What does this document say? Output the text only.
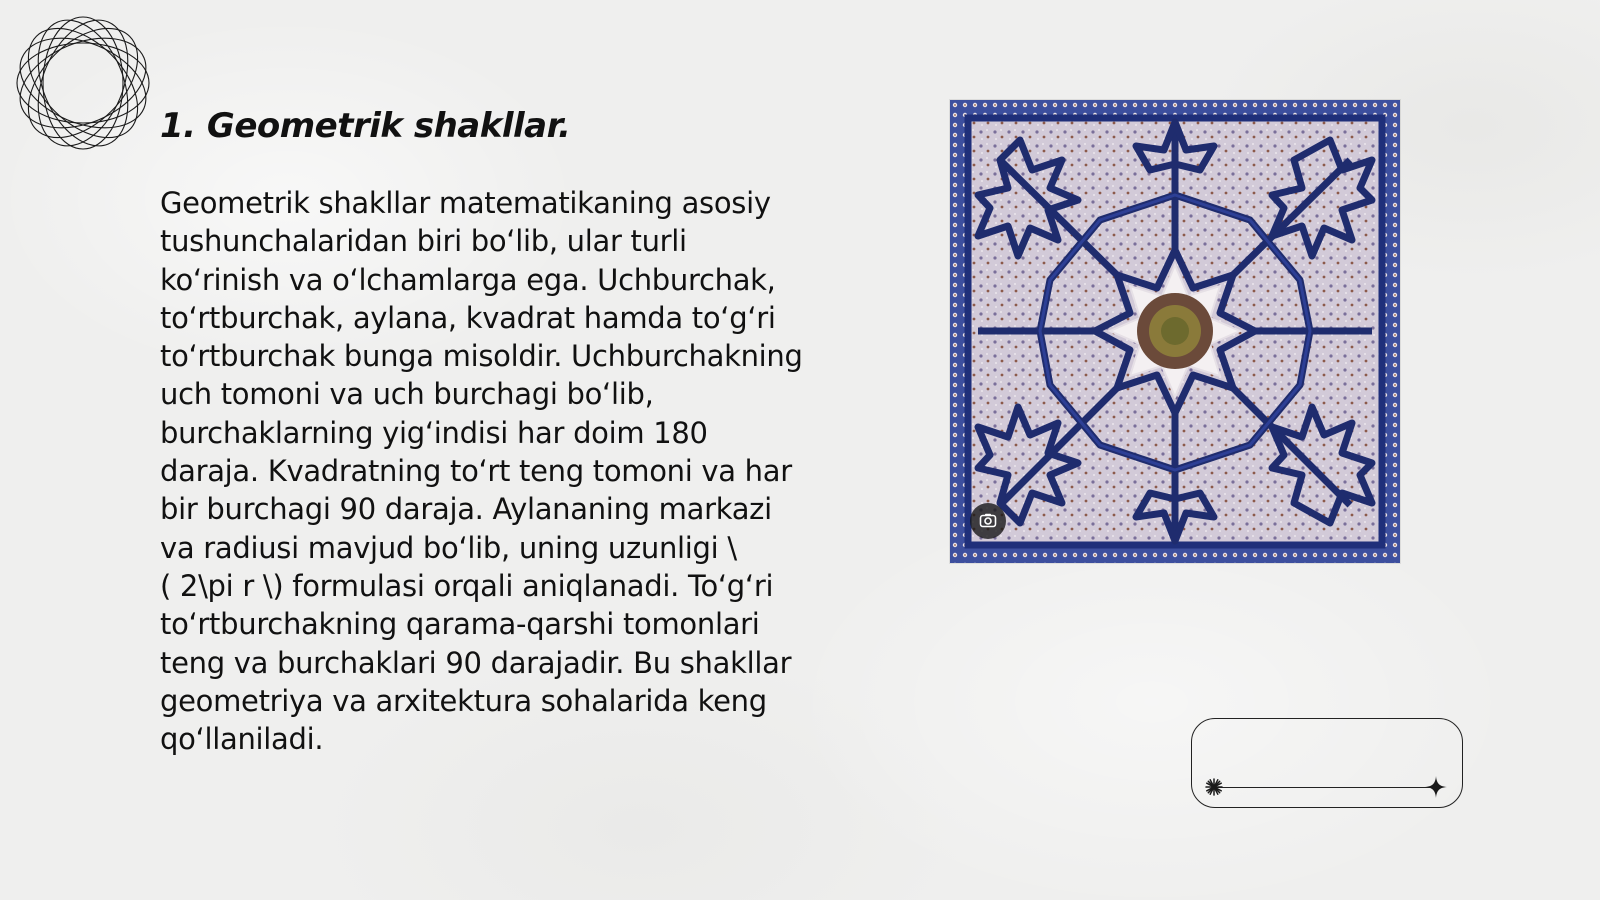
1. Geometrik shakllar.

Geometrik shakllar matematikaning asosiy
tushunchalaridan biri bo‘lib, ular turli
ko‘rinish va o‘lchamlarga ega. Uchburchak,
to‘rtburchak, aylana, kvadrat hamda to‘g‘ri
to‘rtburchak bunga misoldir. Uchburchakning
uch tomoni va uch burchagi bo‘lib,
burchaklarning yig‘indisi har doim 180
daraja. Kvadratning to‘rt teng tomoni va har
bir burchagi 90 daraja. Aylananing markazi
va radiusi mavjud bo‘lib, uning uzunligi \
( 2\pi r \) formulasi orqali aniqlanadi. To‘g‘ri
to‘rtburchakning qarama-qarshi tomonlari
teng va burchaklari 90 darajadir. Bu shakllar
geometriya va arxitektura sohalarida keng
qo‘llaniladi.
